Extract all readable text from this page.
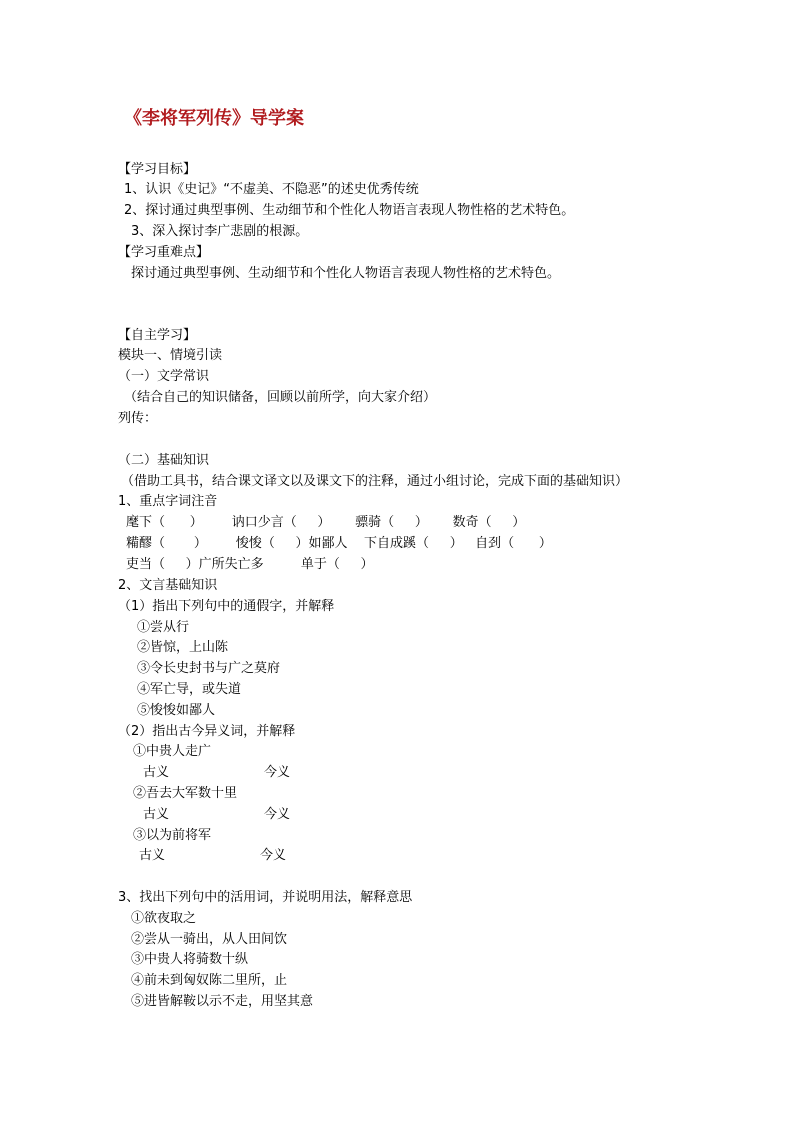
《李将军列传》导学案
【学习目标】
1、认识《史记》“不虚美、不隐恶”的述史优秀传统
2、探讨通过典型事例、生动细节和个性化人物语言表现人物性格的艺术特色。
3、深入探讨李广悲剧的根源。
【学习重难点】
探讨通过典型事例、生动细节和个性化人物语言表现人物性格的艺术特色。
【自主学习】
模块一、情境引读
（一）文学常识
（结合自己的知识储备，回顾以前所学，向大家介绍）
列传：
（二）基础知识
（借助工具书，结合课文译文以及课文下的注释，通过小组讨论，完成下面的基础知识）
1、重点字词注音
麾下（      ）       讷口少言（     ）      骠骑（     ）      数奇（     ）
糒醪（       ）       悛悛（     ）如鄙人    下自成蹊（     ）   自刭（      ）
吏当（     ）广所失亡多         单于（     ）
2、文言基础知识
（1）指出下列句中的通假字，并解释
①尝从行
②皆惊，上山陈
③令长史封书与广之莫府
④军亡导，或失道
⑤悛悛如鄙人
（2）指出古今异义词，并解释
①中贵人走广
古义                       今义
②吾去大军数十里
古义                       今义
③以为前将军
古义                       今义
3、找出下列句中的活用词，并说明用法，解释意思
①欲夜取之
②尝从一骑出，从人田间饮
③中贵人将骑数十纵
④前未到匈奴陈二里所，止
⑤进皆解鞍以示不走，用坚其意
